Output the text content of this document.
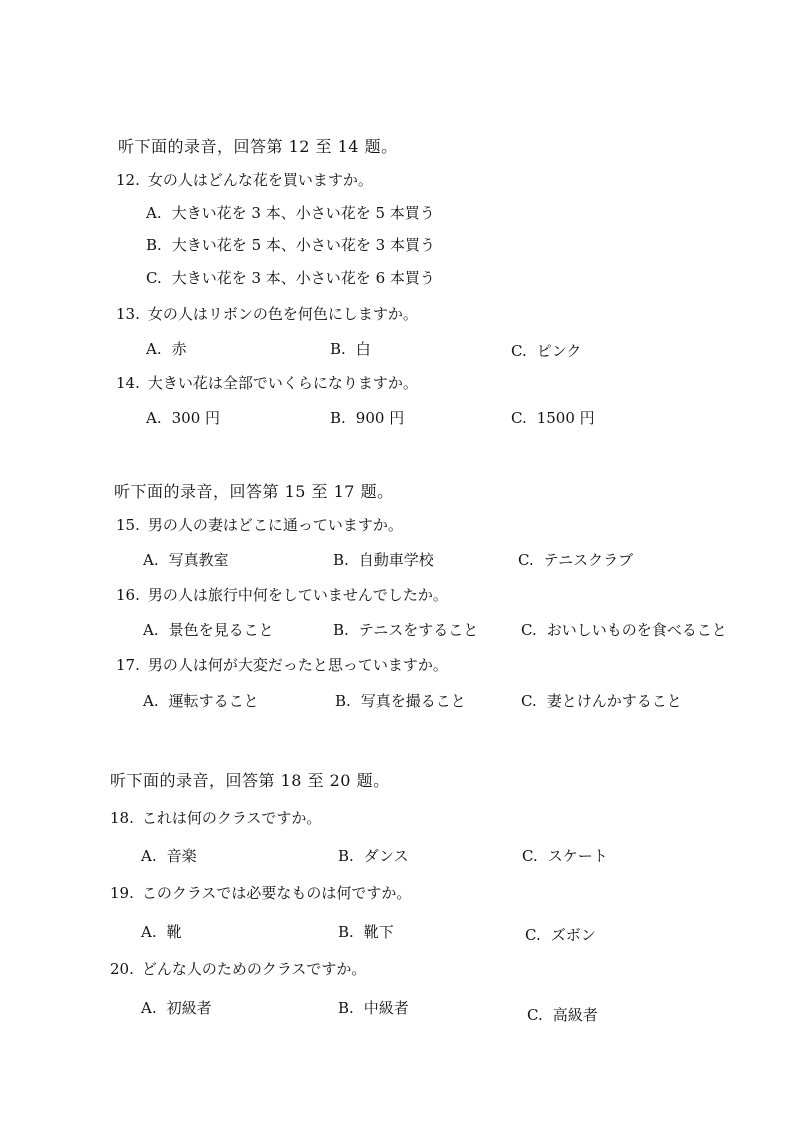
听下面的录音，回答第 12 至 14 题。
12. 女の人はどんな花を買いますか。
A. 大きい花を 3 本、小さい花を 5 本買う
B. 大きい花を 5 本、小さい花を 3 本買う
C. 大きい花を 3 本、小さい花を 6 本買う
13. 女の人はリボンの色を何色にしますか。
A. 赤	B. 白	C. ピンク
14. 大きい花は全部でいくらになりますか。
A. 300 円	B. 900 円	C. 1500 円
听下面的录音，回答第 15 至 17 题。
15. 男の人の妻はどこに通っていますか。
A. 写真教室	B. 自動車学校	C. テニスクラブ
16. 男の人は旅行中何をしていませんでしたか。
A. 景色を見ること	B. テニスをすること	C. おいしいものを食べること
17. 男の人は何が大変だったと思っていますか。
A. 運転すること	B. 写真を撮ること	C. 妻とけんかすること
听下面的录音，回答第 18 至 20 题。
18. これは何のクラスですか。
A. 音楽	B. ダンス	C. スケート
19. このクラスでは必要なものは何ですか。
A. 靴	B. 靴下	C. ズボン
20. どんな人のためのクラスですか。
A. 初級者	B. 中級者	C. 高級者
